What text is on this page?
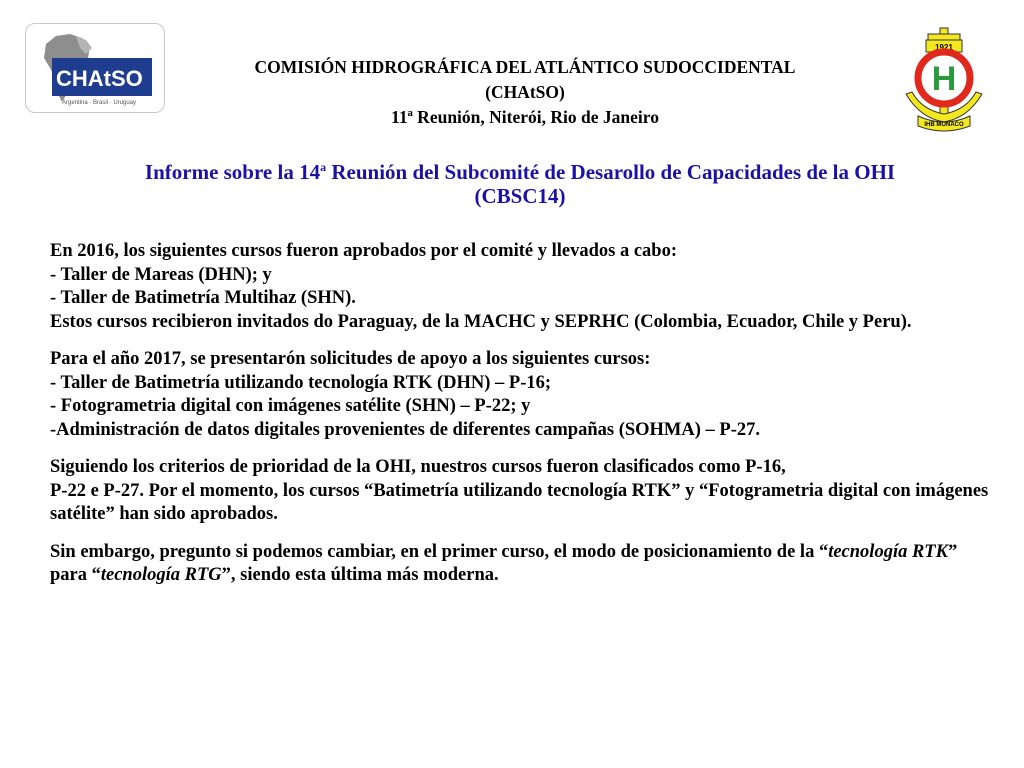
CHAtSO
Argentina · Brasil · Uruguay
1921
H
IHB MONACO
COMISIÓN HIDROGRÁFICA DEL ATLÁNTICO SUDOCCIDENTAL
(CHAtSO)
11ª Reunión, Niterói, Rio de Janeiro
Informe sobre la 14$^a$ Reunión del Subcomité de Desarollo de Capacidades de la OHI
(CBSC14)

En 2016, los siguientes cursos fueron aprobados por el comité y llevados a cabo:

- Taller de Mareas (DHN); y

- Taller de Batimetría Multihaz (SHN).

Estos cursos recibieron invitados do Paraguay, de la MACHC y SEPRHC (Colombia, Ecuador, Chile y Peru).

Para el año 2017, se presentarón solicitudes de apoyo a los siguientes cursos:

- Taller de Batimetría utilizando tecnología RTK (DHN) – P-16;

- Fotogrametria digital con imágenes satélite (SHN) – P-22; y

-Administración de datos digitales provenientes de diferentes campañas (SOHMA) – P-27.

Siguiendo los criterios de prioridad de la OHI, nuestros cursos fueron clasificados como P-16,

P-22 e P-27. Por el momento, los cursos “Batimetría utilizando tecnología RTK” y “Fotogrametria digital con imágenes satélite” han sido aprobados.

Sin embargo, pregunto si podemos cambiar, en el primer curso, el modo de posicionamiento de la “tecnología RTK” para “tecnología RTG”, siendo esta última más moderna.
